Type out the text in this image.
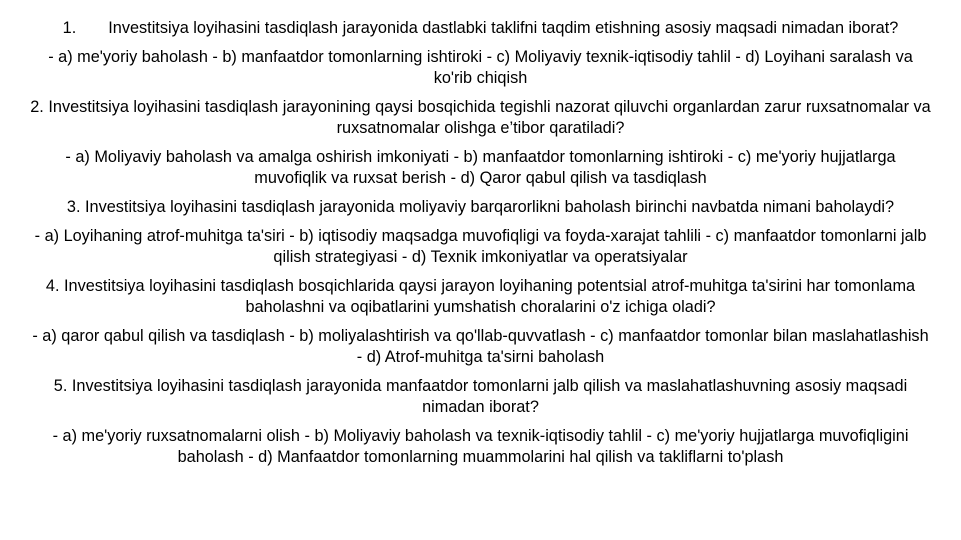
1. Investitsiya loyihasini tasdiqlash jarayonida dastlabki taklifni taqdim etishning asosiy maqsadi nimadan iborat?
- a) me'yoriy baholash - b) manfaatdor tomonlarning ishtiroki - c) Moliyaviy texnik-iqtisodiy tahlil - d) Loyihani saralash va ko'rib chiqish
2. Investitsiya loyihasini tasdiqlash jarayonining qaysi bosqichida tegishli nazorat qiluvchi organlardan zarur ruxsatnomalar va ruxsatnomalar olishga e’tibor qaratiladi?
- a) Moliyaviy baholash va amalga oshirish imkoniyati - b) manfaatdor tomonlarning ishtiroki - c) me'yoriy hujjatlarga muvofiqlik va ruxsat berish - d) Qaror qabul qilish va tasdiqlash
3. Investitsiya loyihasini tasdiqlash jarayonida moliyaviy barqarorlikni baholash birinchi navbatda nimani baholaydi?
- a) Loyihaning atrof-muhitga ta'siri - b) iqtisodiy maqsadga muvofiqligi va foyda-xarajat tahlili - c) manfaatdor tomonlarni jalb qilish strategiyasi - d) Texnik imkoniyatlar va operatsiyalar
4. Investitsiya loyihasini tasdiqlash bosqichlarida qaysi jarayon loyihaning potentsial atrof-muhitga ta'sirini har tomonlama baholashni va oqibatlarini yumshatish choralarini o'z ichiga oladi?
- a) qaror qabul qilish va tasdiqlash - b) moliyalashtirish va qo'llab-quvvatlash - c) manfaatdor tomonlar bilan maslahatlashish - d) Atrof-muhitga ta'sirni baholash
5. Investitsiya loyihasini tasdiqlash jarayonida manfaatdor tomonlarni jalb qilish va maslahatlashuvning asosiy maqsadi nimadan iborat?
- a) me'yoriy ruxsatnomalarni olish - b) Moliyaviy baholash va texnik-iqtisodiy tahlil - c) me'yoriy hujjatlarga muvofiqligini baholash - d) Manfaatdor tomonlarning muammolarini hal qilish va takliflarni to'plash
